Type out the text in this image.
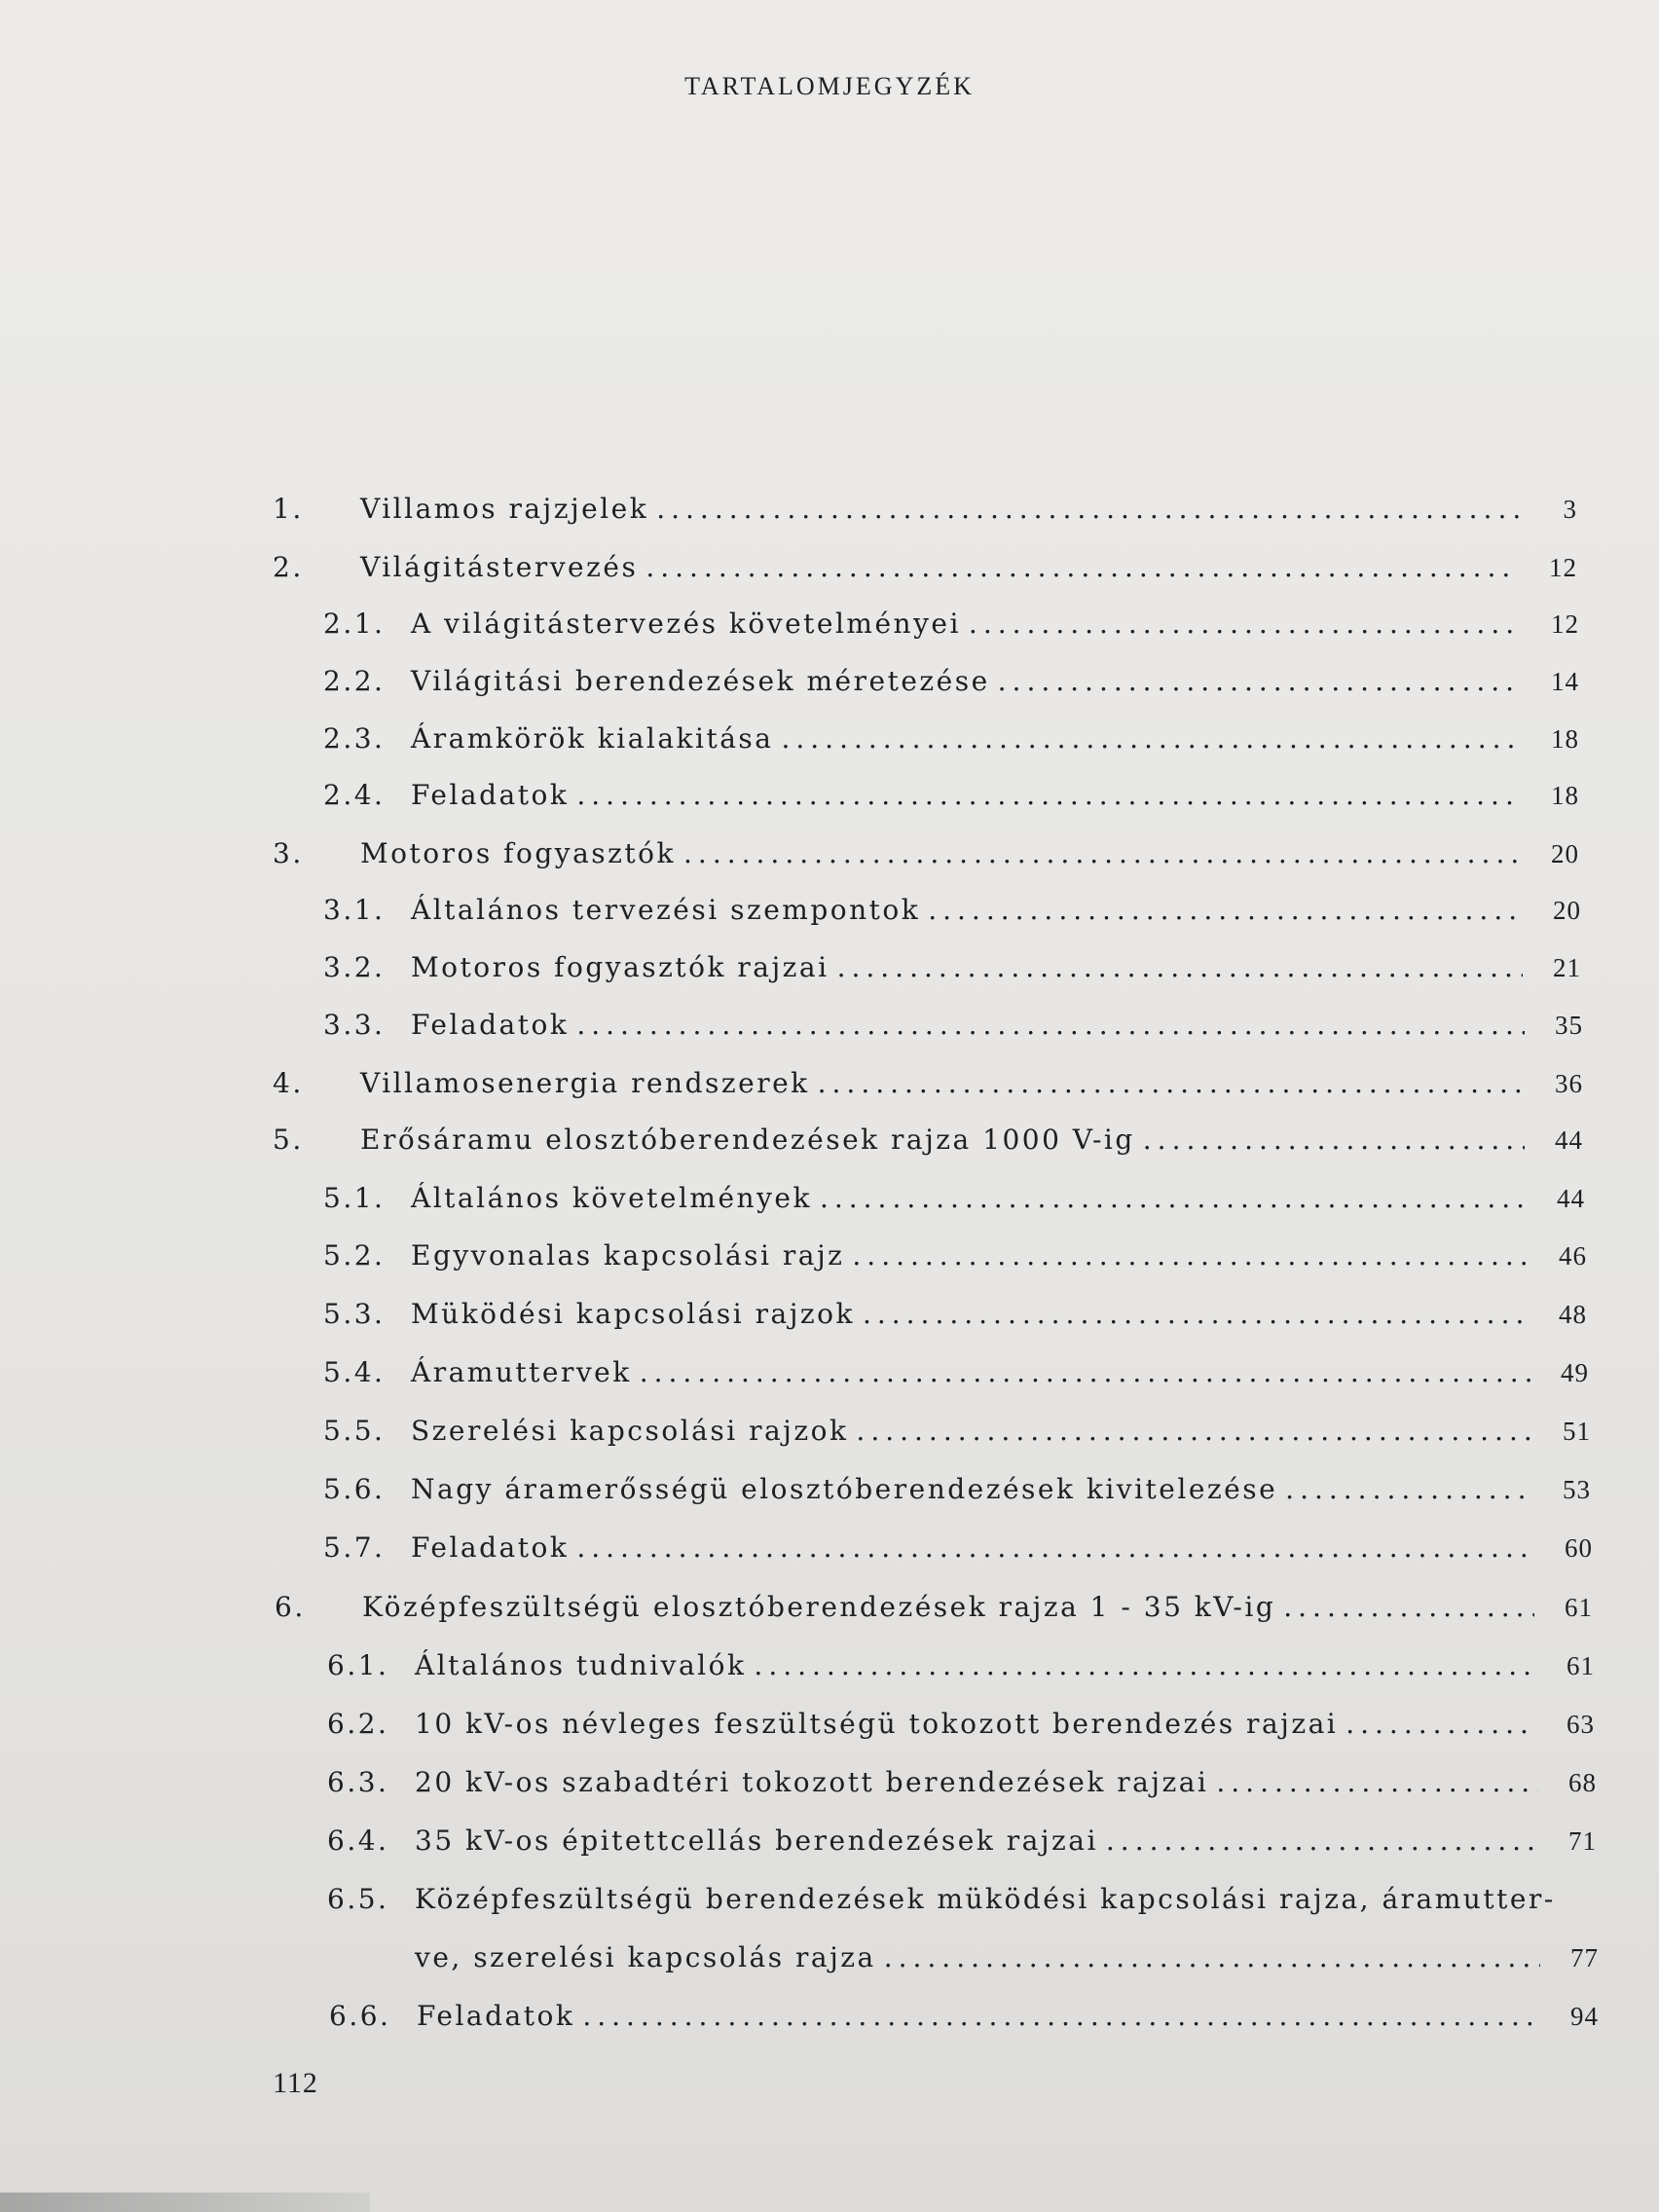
TARTALOMJEGYZÉK
1.	Villamos rajzjelek .....	3
2.	Világitástervezés .....	12
2.1. A világitástervezés követelményei .....	12
2.2. Világitási berendezések méretezése .....	14
2.3. Áramkörök kialakitása .....	18
2.4. Feladatok .....	18
3.	Motoros fogyasztók .....	20
3.1. Általános tervezési szempontok .....	20
3.2. Motoros fogyasztók rajzai .....	21
3.3. Feladatok .....	35
4.	Villamosenergia rendszerek .....	36
5.	Erősáramu elosztóberendezések rajza 1000 V-ig .....	44
5.1. Általános követelmények .....	44
5.2. Egyvonalas kapcsolási rajz .....	46
5.3. Müködési kapcsolási rajzok .....	48
5.4. Áramuttervek .....	49
5.5. Szerelési kapcsolási rajzok .....	51
5.6. Nagy áramerősségü elosztóberendezések kivitelezése .....	53
5.7. Feladatok .....	60
6.	Középfeszültségü elosztóberendezések rajza 1 - 35 kV-ig .....	61
6.1. Általános tudnivalók .....	61
6.2. 10 kV-os névleges feszültségü tokozott berendezés rajzai .....	63
6.3. 20 kV-os szabadtéri tokozott berendezések rajzai .....	68
6.4. 35 kV-os épitettcellás berendezések rajzai .....	71
6.5. Középfeszültségü berendezések müködési kapcsolási rajza, áramutter-
ve, szerelési kapcsolás rajza .....	77
6.6. Feladatok .....	94
112
